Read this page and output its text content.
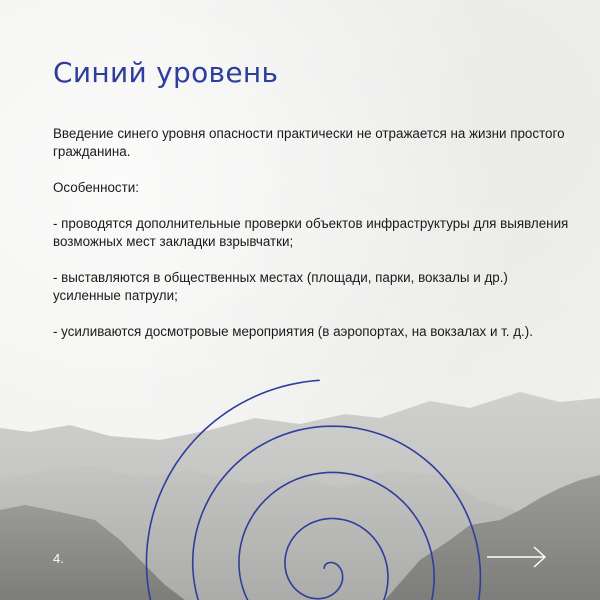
Синий уровень

Введение синего уровня опасности практически не отражается на жизни простого гражданина.

Особенности:

- проводятся дополнительные проверки объектов инфраструктуры для выявления возможных мест закладки взрывчатки;

- выставляются в общественных местах (площади, парки, вокзалы и др.) усиленные патрули;

- усиливаются досмотровые мероприятия (в аэропортах, на вокзалах и т. д.).

4.
